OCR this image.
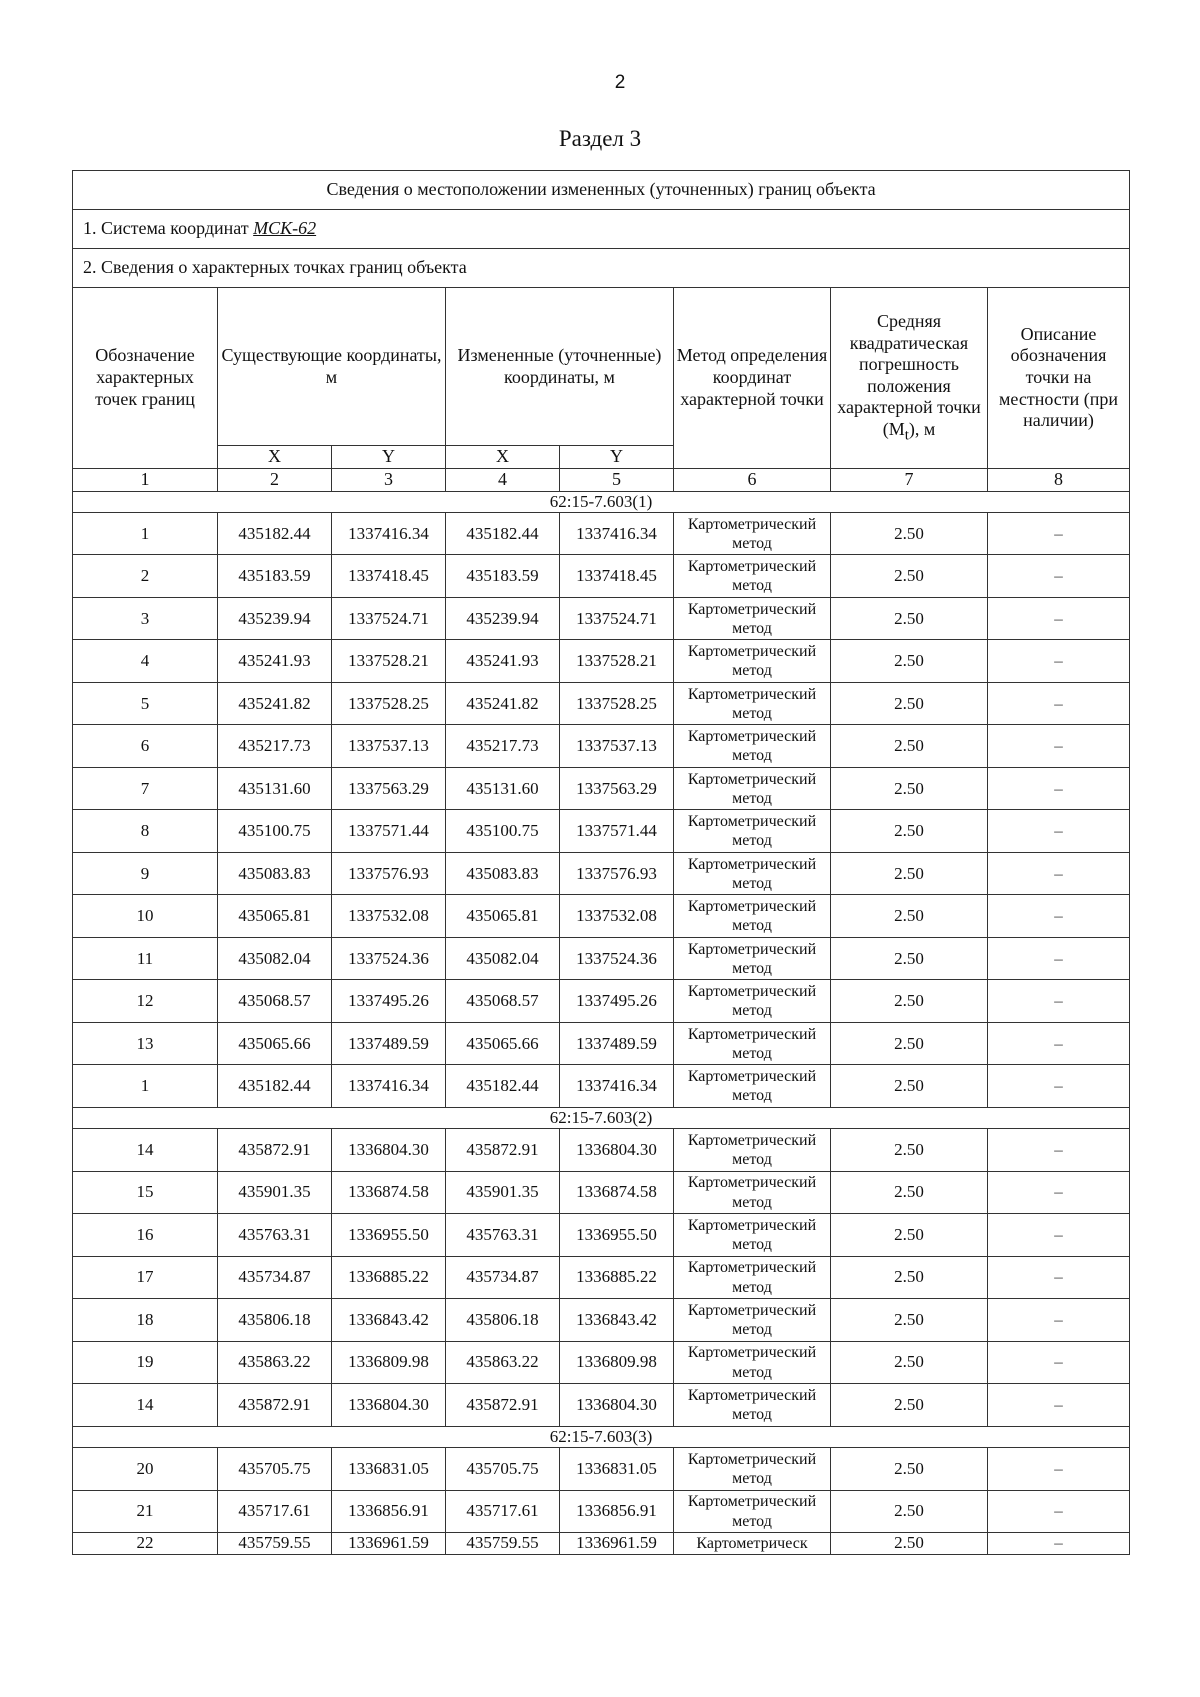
2
Раздел 3
Сведения о местоположении измененных (уточненных) границ объекта							
1. Система координат МСК-62							
2. Сведения о характерных точках границ объекта							
Обозначение характерных точек границ	Существующие координаты, м		Измененные (уточненные) координаты, м		Метод определения координат характерной точки	Средняя квадратическая погрешность положения характерной точки $(M_t)$, м	Описание обозначения точки на местности (при наличии)
	X	Y	X	Y			
1	2	3	4	5	6	7	8
62:15-7.603(1)							
1	435182.44	1337416.34	435182.44	1337416.34	Картометрический метод	2.50	–
2	435183.59	1337418.45	435183.59	1337418.45	Картометрический метод	2.50	–
3	435239.94	1337524.71	435239.94	1337524.71	Картометрический метод	2.50	–
4	435241.93	1337528.21	435241.93	1337528.21	Картометрический метод	2.50	–
5	435241.82	1337528.25	435241.82	1337528.25	Картометрический метод	2.50	–
6	435217.73	1337537.13	435217.73	1337537.13	Картометрический метод	2.50	–
7	435131.60	1337563.29	435131.60	1337563.29	Картометрический метод	2.50	–
8	435100.75	1337571.44	435100.75	1337571.44	Картометрический метод	2.50	–
9	435083.83	1337576.93	435083.83	1337576.93	Картометрический метод	2.50	–
10	435065.81	1337532.08	435065.81	1337532.08	Картометрический метод	2.50	–
11	435082.04	1337524.36	435082.04	1337524.36	Картометрический метод	2.50	–
12	435068.57	1337495.26	435068.57	1337495.26	Картометрический метод	2.50	–
13	435065.66	1337489.59	435065.66	1337489.59	Картометрический метод	2.50	–
1	435182.44	1337416.34	435182.44	1337416.34	Картометрический метод	2.50	–
62:15-7.603(2)							
14	435872.91	1336804.30	435872.91	1336804.30	Картометрический метод	2.50	–
15	435901.35	1336874.58	435901.35	1336874.58	Картометрический метод	2.50	–
16	435763.31	1336955.50	435763.31	1336955.50	Картометрический метод	2.50	–
17	435734.87	1336885.22	435734.87	1336885.22	Картометрический метод	2.50	–
18	435806.18	1336843.42	435806.18	1336843.42	Картометрический метод	2.50	–
19	435863.22	1336809.98	435863.22	1336809.98	Картометрический метод	2.50	–
14	435872.91	1336804.30	435872.91	1336804.30	Картометрический метод	2.50	–
62:15-7.603(3)							
20	435705.75	1336831.05	435705.75	1336831.05	Картометрический метод	2.50	–
21	435717.61	1336856.91	435717.61	1336856.91	Картометрический метод	2.50	–
22	435759.55	1336961.59	435759.55	1336961.59	Картометрическ	2.50	–
